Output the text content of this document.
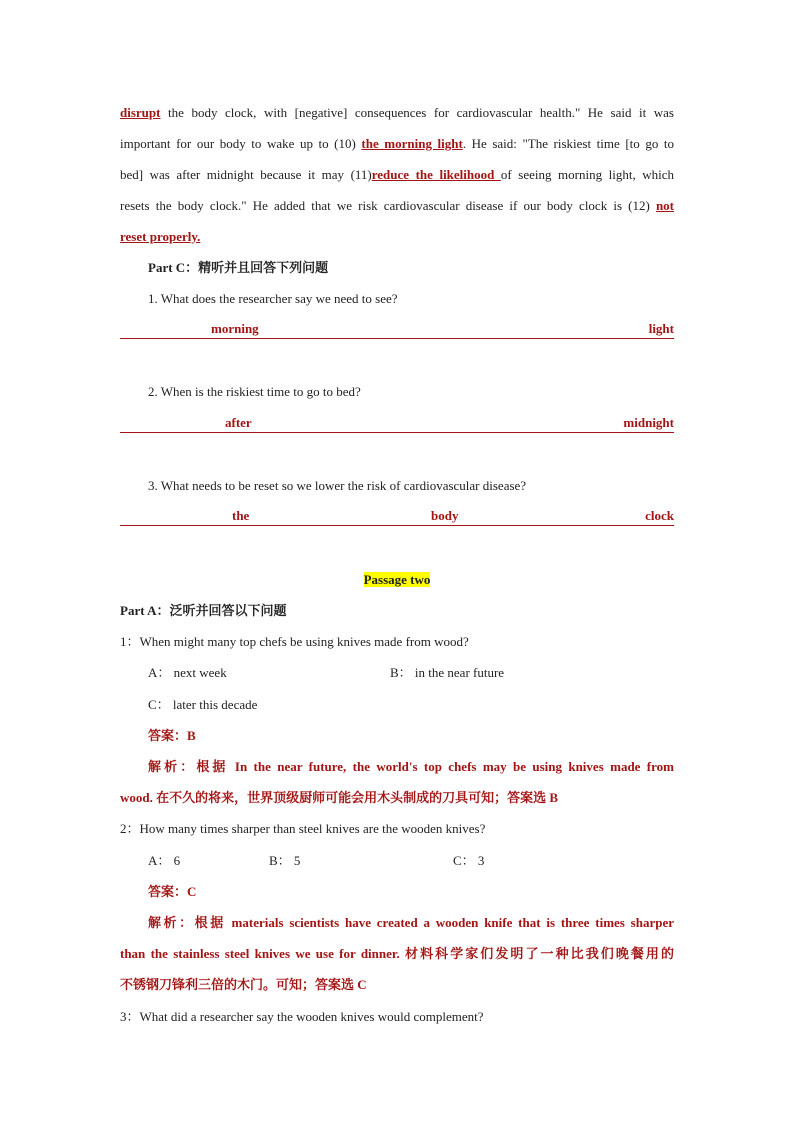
disrupt the body clock, with [negative] consequences for cardiovascular health." He said it was
important for our body to wake up to (10) the morning light. He said: "The riskiest time [to go to
bed] was after midnight because it may (11)reduce the likelihood of seeing morning light, which
resets the body clock." He added that we risk cardiovascular disease if our body clock is (12) not
reset properly.
Part C：精听并且回答下列问题
1. What does the researcher say we need to see?
morning	light
2. When is the riskiest time to go to bed?
after	midnight
3. What needs to be reset so we lower the risk of cardiovascular disease?
the	body	clock
Passage two
Part A：泛听并回答以下问题
1：When might many top chefs be using knives made from wood?
A： next week	B： in the near future
C： later this decade
答案：B
解析：根据 In the near future, the world's top chefs may be using knives made from
wood. 在不久的将来，世界顶级厨师可能会用木头制成的刀具可知；答案选 B
2：How many times sharper than steel knives are the wooden knives?
A： 6	B： 5	C： 3
答案：C
解析：根据 materials scientists have created a wooden knife that is three times sharper
than the stainless steel knives we use for dinner. 材料科学家们发明了一种比我们晚餐用的
不锈钢刀锋利三倍的木门。可知；答案选 C
3：What did a researcher say the wooden knives would complement?
